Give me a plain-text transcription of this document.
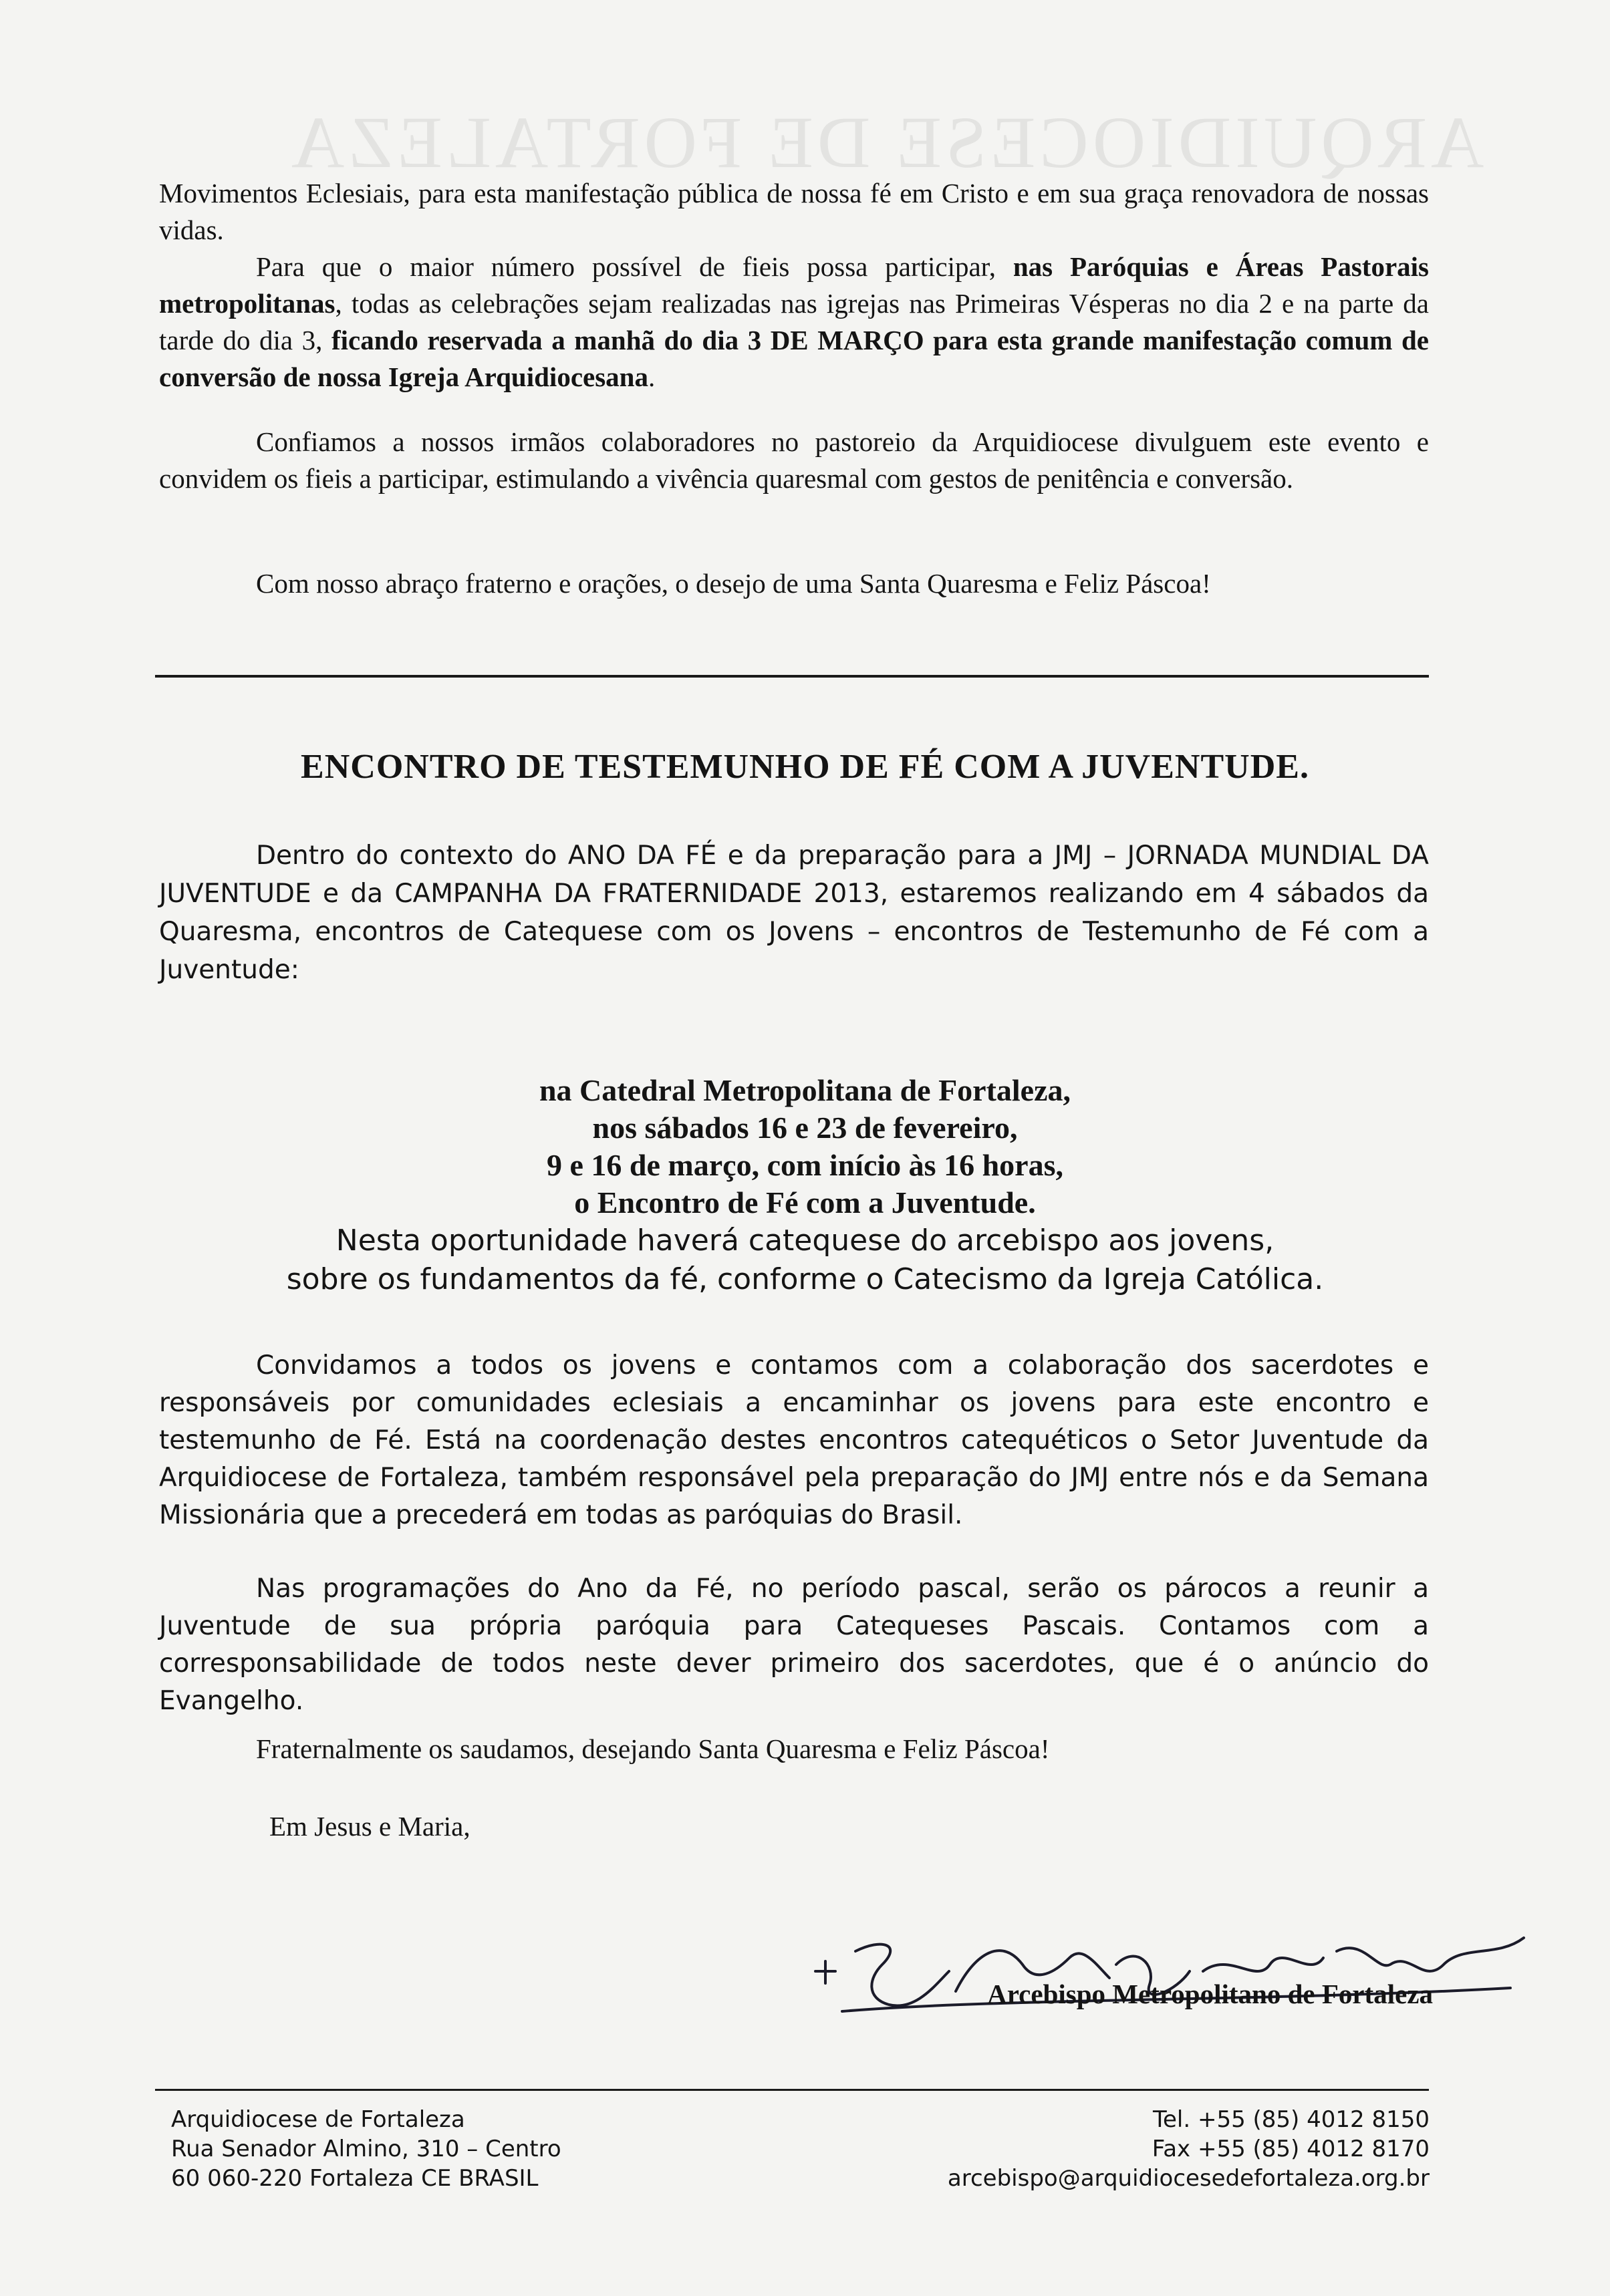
ARQUIDIOCESE DE FORTALEZA
Movimentos Eclesiais, para esta manifestação pública de nossa fé em Cristo e em sua graça renovadora de nossas vidas.
Para que o maior número possível de fieis possa participar, nas Paróquias e Áreas Pastorais metropolitanas, todas as celebrações sejam realizadas nas igrejas nas Primeiras Vésperas no dia 2 e na parte da tarde do dia 3, ficando reservada a manhã do dia 3 DE MARÇO para esta grande manifestação comum de conversão de nossa Igreja Arquidiocesana.
Confiamos a nossos irmãos colaboradores no pastoreio da Arquidiocese divulguem este evento e convidem os fieis a participar, estimulando a vivência quaresmal com gestos de penitência e conversão.
Com nosso abraço fraterno e orações, o desejo de uma Santa Quaresma e Feliz Páscoa!
ENCONTRO DE TESTEMUNHO DE FÉ COM A JUVENTUDE.
Dentro do contexto do ANO DA FÉ e da preparação para a JMJ – JORNADA MUNDIAL DA JUVENTUDE e da CAMPANHA DA FRATERNIDADE 2013, estaremos realizando em 4 sábados da Quaresma, encontros de Catequese com os Jovens – encontros de Testemunho de Fé com a Juventude:
na Catedral Metropolitana de Fortaleza,
nos sábados 16 e 23 de fevereiro,
9 e 16 de março, com início às 16 horas,
o Encontro de Fé com a Juventude.
Nesta oportunidade haverá catequese do arcebispo aos jovens,
sobre os fundamentos da fé, conforme o Catecismo da Igreja Católica.
Convidamos a todos os jovens e contamos com a colaboração dos sacerdotes e responsáveis por comunidades eclesiais a encaminhar os jovens para este encontro e testemunho de Fé. Está na coordenação destes encontros catequéticos o Setor Juventude da Arquidiocese de Fortaleza, também responsável pela preparação do JMJ entre nós e da Semana Missionária que a precederá em todas as paróquias do Brasil.
Nas programações do Ano da Fé, no período pascal, serão os párocos a reunir a Juventude de sua própria paróquia para Catequeses Pascais. Contamos com a corresponsabilidade de todos neste dever primeiro dos sacerdotes, que é o anúncio do Evangelho.
Fraternalmente os saudamos, desejando Santa Quaresma e Feliz Páscoa!
Em Jesus e Maria,
Arcebispo Metropolitano de Fortaleza
Arquidiocese de Fortaleza
Rua Senador Almino, 310 – Centro
60 060-220 Fortaleza CE BRASIL
Tel. +55 (85) 4012 8150
Fax +55 (85) 4012 8170
arcebispo@arquidiocesedefortaleza.org.br
